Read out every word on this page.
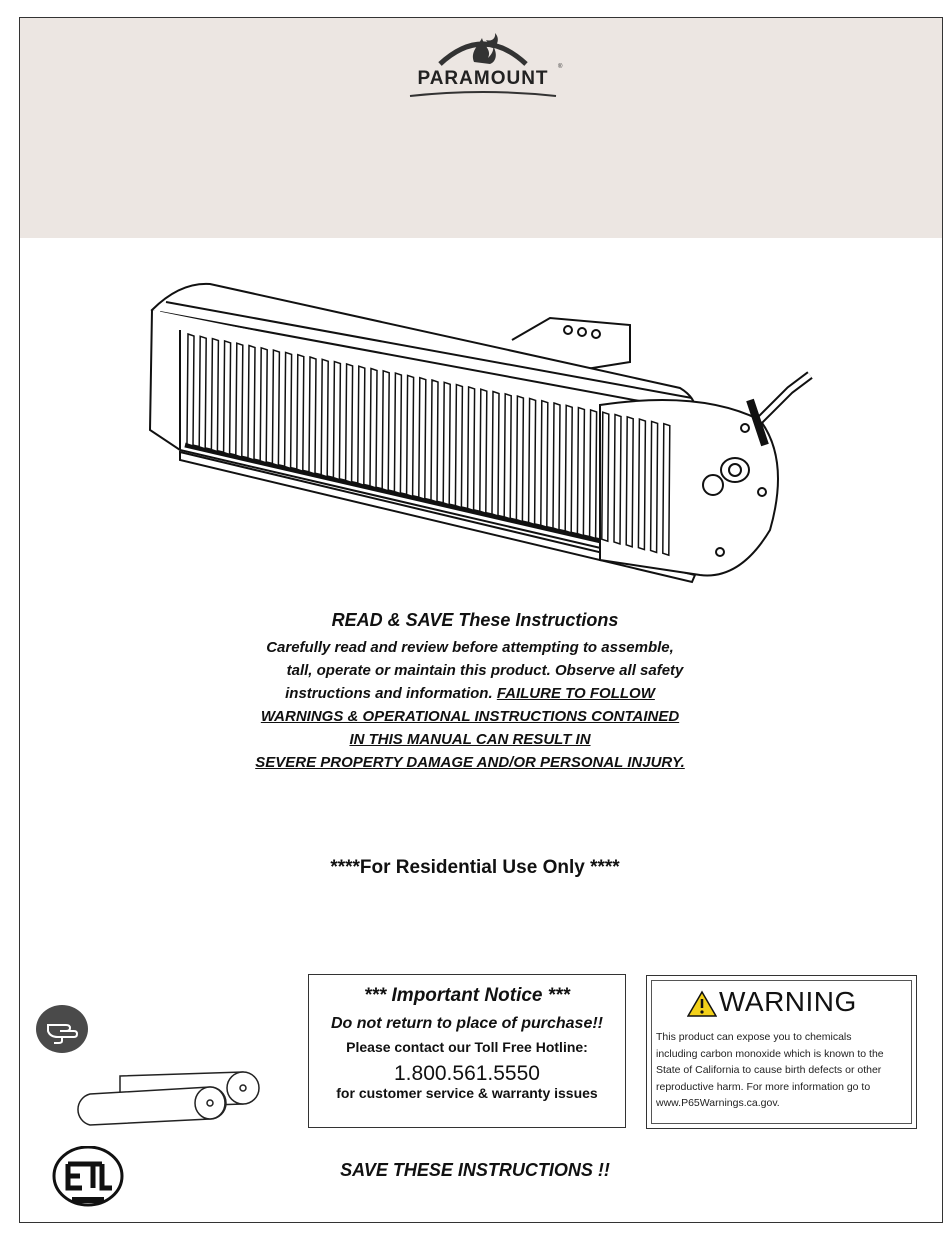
®
PARAMOUNT
READ & SAVE These Instructions
Carefully read and review before attempting to assemble,
tall, operate or maintain this product. Observe all safety
instructions and information. FAILURE TO FOLLOW
WARNINGS & OPERATIONAL INSTRUCTIONS CONTAINED
IN THIS MANUAL CAN RESULT IN
SEVERE PROPERTY DAMAGE AND/OR PERSONAL INJURY.
****For Residential Use Only ****
*** Important Notice ***
Do not return to place of purchase!!
Please contact our Toll Free Hotline:
1.800.561.5550
for customer service & warranty issues
WARNING
This product can expose you to chemicals
including carbon monoxide which is known to the
State of California to cause birth defects or other
reproductive harm. For more information go to
www.P65Warnings.ca.gov.
SAVE THESE INSTRUCTIONS !!
